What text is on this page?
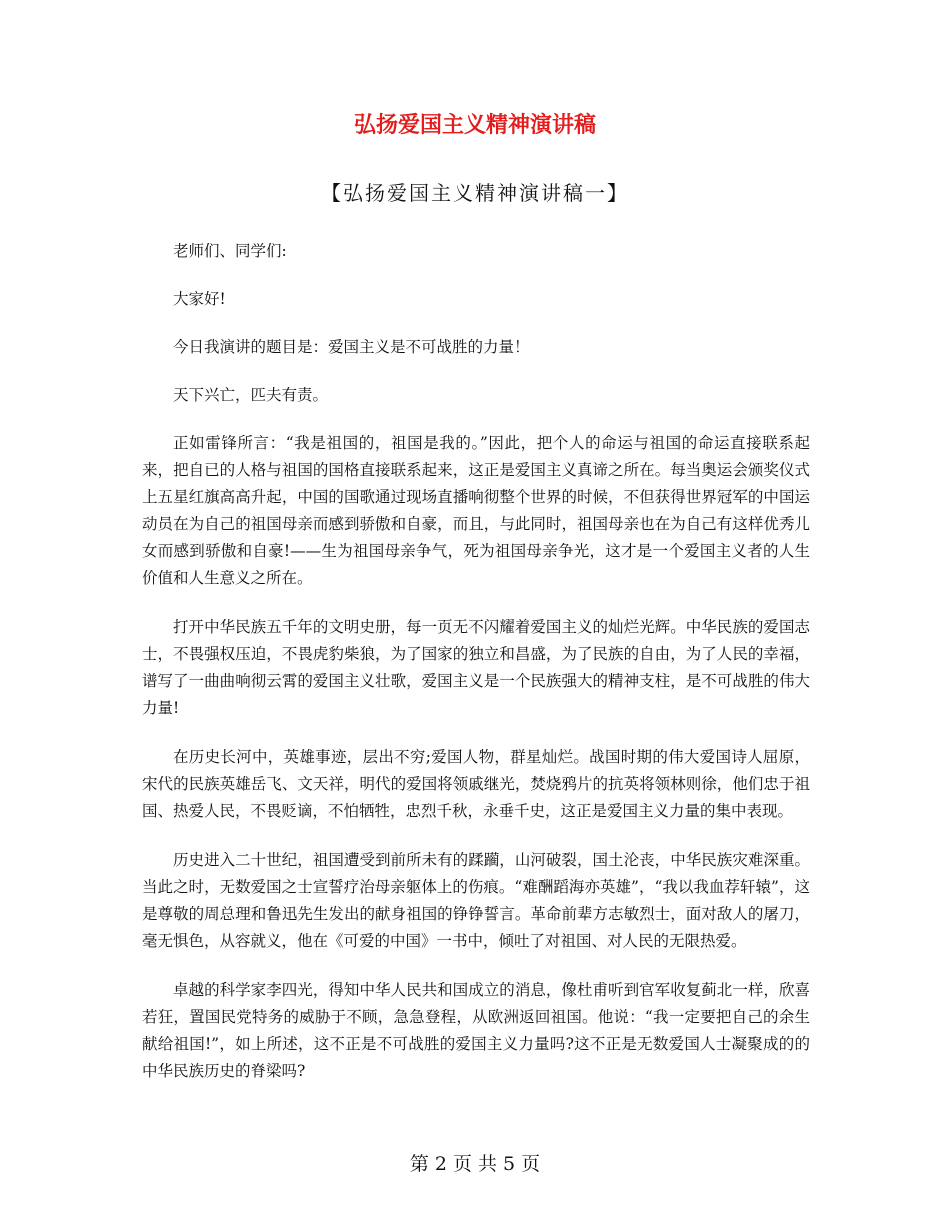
弘扬爱国主义精神演讲稿
【弘扬爱国主义精神演讲稿一】

老师们、同学们:

大家好!

今日我演讲的题目是：爱国主义是不可战胜的力量！

天下兴亡，匹夫有责。

正如雷锋所言：“我是祖国的，祖国是我的。”因此，把个人的命运与祖国的命运直接联系起来，把自已的人格与祖国的国格直接联系起来，这正是爱国主义真谛之所在。每当奥运会颁奖仪式上五星红旗高高升起，中国的国歌通过现场直播响彻整个世界的时候，不但获得世界冠军的中国运动员在为自己的祖国母亲而感到骄傲和自豪，而且，与此同时，祖国母亲也在为自己有这样优秀儿女而感到骄傲和自豪!——生为祖国母亲争气，死为祖国母亲争光，这才是一个爱国主义者的人生价值和人生意义之所在。

打开中华民族五千年的文明史册，每一页无不闪耀着爱国主义的灿烂光辉。中华民族的爱国志士，不畏强权压迫，不畏虎豹柴狼，为了国家的独立和昌盛，为了民族的自由，为了人民的幸福，谱写了一曲曲响彻云霄的爱国主义壮歌，爱国主义是一个民族强大的精神支柱，是不可战胜的伟大力量!

在历史长河中，英雄事迹，层出不穷;爱国人物，群星灿烂。战国时期的伟大爱国诗人屈原，宋代的民族英雄岳飞、文天祥，明代的爱国将领戚继光，焚烧鸦片的抗英将领林则徐，他们忠于祖国、热爱人民，不畏贬谪，不怕牺牲，忠烈千秋，永垂千史，这正是爱国主义力量的集中表现。

历史进入二十世纪，祖国遭受到前所未有的蹂躏，山河破裂，国土沦丧，中华民族灾难深重。当此之时，无数爱国之士宣誓疗治母亲躯体上的伤痕。“难酬蹈海亦英雄”，“我以我血荐轩辕”，这是尊敬的周总理和鲁迅先生发出的献身祖国的铮铮誓言。革命前辈方志敏烈士，面对敌人的屠刀，毫无惧色，从容就义，他在《可爱的中国》一书中，倾吐了对祖国、对人民的无限热爱。

卓越的科学家李四光，得知中华人民共和国成立的消息，像杜甫听到官军收复蓟北一样，欣喜若狂，置国民党特务的威胁于不顾，急急登程，从欧洲返回祖国。他说：“我一定要把自己的余生献给祖国!”，如上所述，这不正是不可战胜的爱国主义力量吗?这不正是无数爱国人士凝聚成的的中华民族历史的脊梁吗?

第 2 页 共 5 页
